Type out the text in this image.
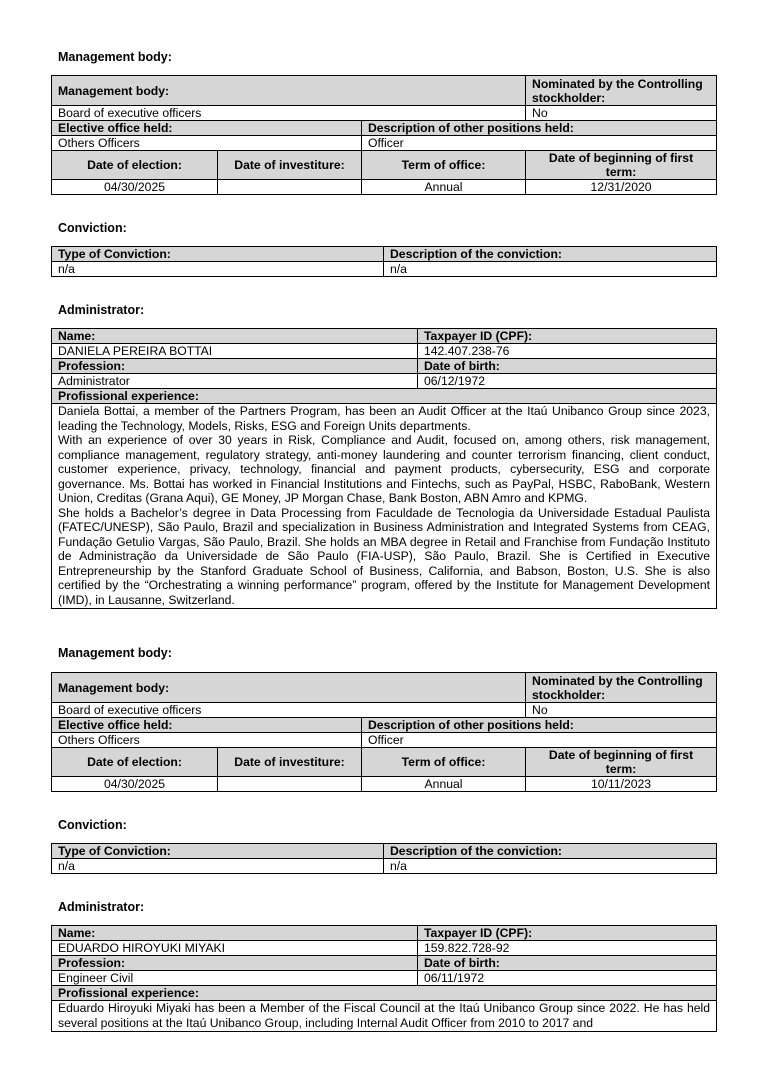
Management body:
Management body:			Nominated by the Controlling stockholder:
Board of executive officers			No
Elective office held:		Description of other positions held:	
Others Officers		Officer	
Date of election:	Date of investiture:	Term of office:	Date of beginning of first term:
04/30/2025		Annual	12/31/2020
Conviction:
Type of Conviction:	Description of the conviction:
n/a	n/a
Administrator:
Name:	Taxpayer ID (CPF):
DANIELA PEREIRA BOTTAI	142.407.238-76
Profession:	Date of birth:
Administrator	06/12/1972
Profissional experience:	

Daniela Bottai, a member of the Partners Program, has been an Audit Officer at the Itaú Unibanco Group since 2023, leading the Technology, Models, Risks, ESG and Foreign Units departments.

With an experience of over 30 years in Risk, Compliance and Audit, focused on, among others, risk management, compliance management, regulatory strategy, anti-money laundering and counter terrorism financing, client conduct, customer experience, privacy, technology, financial and payment products, cybersecurity, ESG and corporate governance. Ms. Bottai has worked in Financial Institutions and Fintechs, such as PayPal, HSBC, RaboBank, Western Union, Creditas (Grana Aqui), GE Money, JP Morgan Chase, Bank Boston, ABN Amro and KPMG.

She holds a Bachelor’s degree in Data Processing from Faculdade de Tecnologia da Universidade Estadual Paulista (FATEC/UNESP), São Paulo, Brazil and specialization in Business Administration and Integrated Systems from CEAG, Fundação Getulio Vargas, São Paulo, Brazil. She holds an MBA degree in Retail and Franchise from Fundação Instituto de Administração da Universidade de São Paulo (FIA-USP), São Paulo, Brazil. She is Certified in Executive Entrepreneurship by the Stanford Graduate School of Business, California, and Babson, Boston, U.S. She is also certified by the “Orchestrating a winning performance” program, offered by the Institute for Management Development (IMD), in Lausanne, Switzerland.	

Management body:
Management body:			Nominated by the Controlling stockholder:
Board of executive officers			No
Elective office held:		Description of other positions held:	
Others Officers		Officer	
Date of election:	Date of investiture:	Term of office:	Date of beginning of first term:
04/30/2025		Annual	10/11/2023
Conviction:
Type of Conviction:	Description of the conviction:
n/a	n/a
Administrator:
Name:	Taxpayer ID (CPF):
EDUARDO HIROYUKI MIYAKI	159.822.728-92
Profession:	Date of birth:
Engineer Civil	06/11/1972
Profissional experience:	

Eduardo Hiroyuki Miyaki has been a Member of the Fiscal Council at the Itaú Unibanco Group since 2022. He has held several positions at the Itaú Unibanco Group, including Internal Audit Officer from 2010 to 2017 and	
